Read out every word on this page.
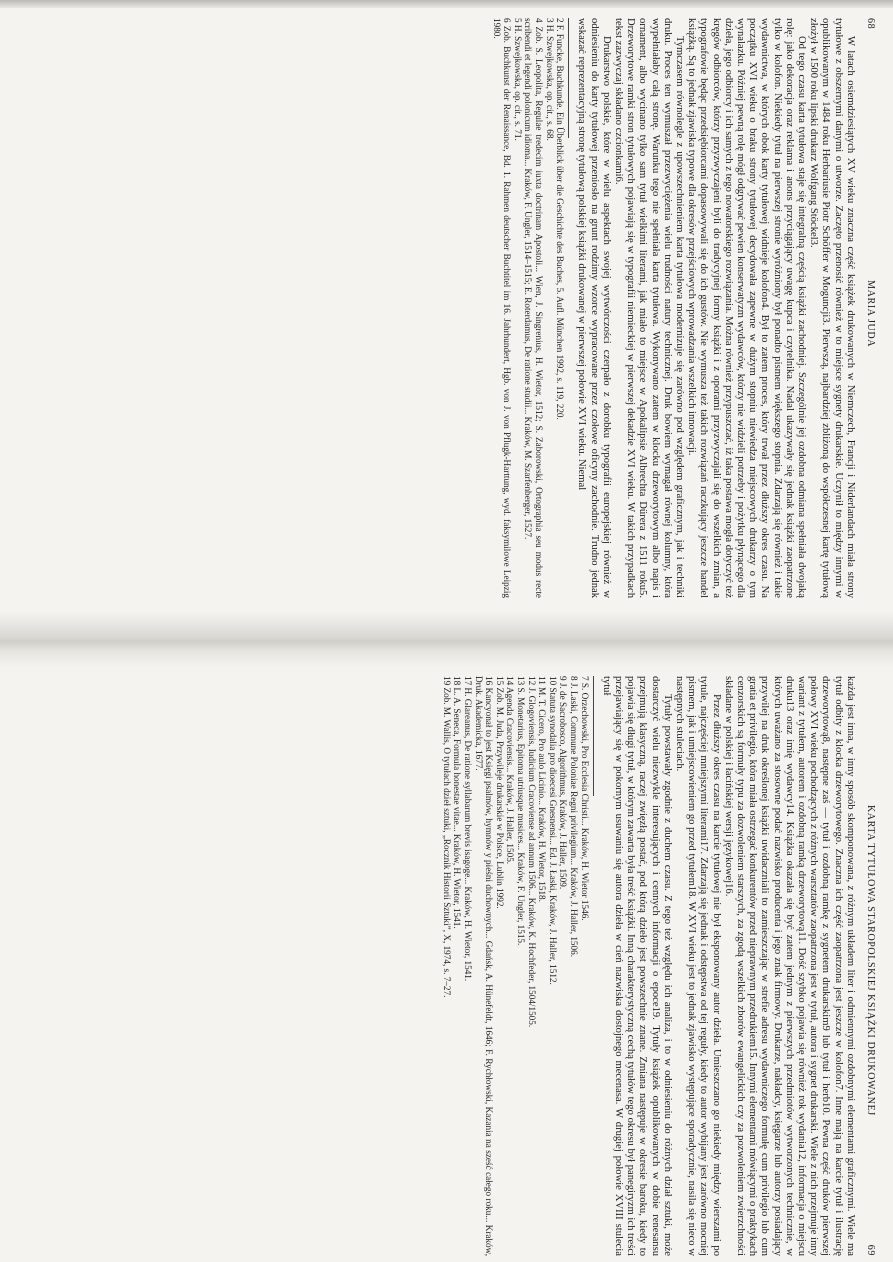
68
MARIA JUDA

W latach osiemdziesiątych XV wieku znaczna część książek drukowanych w Niemczech, Francji i Niderlandach miała strony tytułowe z obszernymi danymi o utworze. Zaczęto przenosić również w to miejsce sygnety drukarskie. Uczynił to między innymi w opublikowanym w 1484 roku Herbariusie Piotr Schöffer w Moguncji3. Pierwszą, najbardziej zbliżoną do współczesnej kartę tytułową złożył w 1500 roku lipski drukarz Wolfgang Stöckel3.

Od tego czasu karta tytułowa staje się integralną częścią książki zachodniej. Szczególnie jej ozdobna odmiana spełniała dwojaką rolę: jako dekoracja oraz reklama i anons przyciągający uwagę kupca i czytelnika. Nadal ukazywały się jednak książki zaopatrzone tylko w kolofon. Niekiedy tytuł na pierwszej stronie wyróżniony był ponadto pismem większego stopnia. Zdarzają się również i takie wydawnictwa, w których obok karty tytułowej widnieje kolofon4. Był to zatem proces, który trwał przez dłuższy okres czasu. Na początku XVI wieku o braku strony tytułowej decydowała zapewne w dużym stopniu niewiedza miejscowych drukarzy o tym wynalazku. Później pewną rolę mógł odgrywać pewien konserwatyzm wydawców, którzy nie widzieli potrzeby i pożytku płynącego dla dzieła, jego odbiorcy i ich samych z tego nowatorskiego rozwiązania. Można również przypuszczać, iż taka postawa mogła dotyczyć też kręgów odbiorców, którzy przyzwyczajeni byli do tradycyjnej formy książki i z oporami przyzwyczajali się do wszelkich zmian, a typografowie będąc przedsiębiorcami dopasowywali się do ich gustów. Nie wymusza też takich rozwiązań raczkujący jeszcze handel książką. Są to jednak zjawiska typowe dla okresów przejściowych wprowadzania wszelkich innowacji.

Tymczasem równolegle z upowszechnieniem karta tytułowa modernizuje się zarówno pod względem graficznym, jak i techniki druku. Proces ten wymuszał przezwyciężenia wielu trudności natury technicznej. Druk bowiem wymagał równej kolumny, która wypełniałaby całą stronę. Warunku tego nie spełniała karta tytułowa. Wykonywano zatem w klocku drzeworytowym albo napis i ornament, albo wycinano tylko sam tytuł wielkimi literami, jak miało to miejsce w Apokalipsie Albrechta Dürera z 1511 roku5. Drzeworytowe ramki stron tytułowych pojawiają się w typografii niemieckiej w pierwszej dekadzie XVI wieku. W takich przypadkach tekst zazwyczaj składano czcionkami6.

Drukarstwo polskie, które w wielu aspektach swojej wytwórczości czerpało z dorobku typografii europejskiej również w odniesieniu do karty tytułowej przeniosło na grunt rodzimy wzorce wypracowane przez czołowe oficyny zachodnie. Trudno jednak wskazać reprezentacyjną stronę tytułową polskiej książki drukowanej w pierwszej połowie XVI wieku. Niemal

2 F. Funcke, Buchkunde. Ein Überblick über die Geschichte des Buches, 5. Aufl. München 1992, s. 119, 220.
3 H. Szwejkowska, op. cit., s. 68.
4 Zob. S. Leopolita, Regulae tredecim iuxta doctrinam Apostoli... Wien, J. Singrenius, H. Wietor, 1512; S. Zaborowski, Ortographia seu modus recte scribendi et legendi polonicum idioma... Kraków, F. Ungler, 1514–1515; E. Roterdamus, De ratione studii... Kraków, M. Szarfenberger, 1527.
5 H. Szwejkowska, op. cit., s. 71.
6 Zob. Buchkunst der Renaissance, Bd. 1. Rahmen deutscher Buchtitel im 16. Jahrhundert, Hgb. von J. von Pflugk-Harttung, wyd. faksymilowe Leipzig 1980.
KARTA TYTUŁOWA STAROPOLSKIEJ KSIĄŻKI DRUKOWANEJ
69

każda jest inna, w inny sposób skomponowana, z różnym układem liter i odmiennymi ozdobnymi elementami graficznymi. Wiele ma tytuł odbity z klocka drzeworytowego. Znaczna ich część zaopatrzona jest jeszcze w kolofon7. Inne mają na karcie tytuł i ilustrację drzeworytową8, następne zaś — tytuł i ozdobną ramkę z sygnetem drukarskim9 lub tytuł i herb10. Pewna część druków pierwszej połowy XVI wieku pochodzących z różnych warsztatów zaopatrzona jest w tytuł, autora i sygnet drukarski. Wiele z nich przejmuje inny wariant z tytułem, autorem i ozdobną ramką drzeworytową11. Dość szybko pojawia się również rok wydania12, informacja o miejscu druku13 oraz imię wydawcy14. Książka okazała się być zatem jednym z pierwszych przedmiotów wytworzonych technicznie, w których uważano za stosowne podać nazwisko producenta i jego znak firmowy. Drukarze, nakładcy, księgarze lub autorzy posiadający przywilej na druk określonej książki uwidaczniali to zamieszczając w strefie adresu wydawniczego formułę cum privilegio lub cum gratia et privilegio, która miała ostrzegać konkurentów przed nieprawnym przedrukiem15. Innymi elementami mówiącymi o praktykach cenzorskich są formuły typu za dozwoleniem starszych, za zgodą wszelkich zborów ewangelickich czy za pozwoleniem zwierzchności składane w polskiej i łacińskiej wersji językowej16.

Przez dłuższy okres czasu na karcie tytułowej nie był eksponowany autor dzieła. Umieszczano go niekiedy między wierszami po tytule, najczęściej mniejszymi literami17. Zdarzają się jednak i odstępstwa od tej reguły, kiedy to autor wybijany jest zarówno mocniej pismem, jak i umiejscowieniem go przed tytułem18. W XVI wieku jest to jednak zjawisko występujące sporadycznie, nasila się nieco w następnych stuleciach.

Tytuły powstawały zgodnie z duchem czasu. Z tego też względu ich analiza, i to w odniesieniu do różnych dział sztuki, może dostarczyć wielu niezwykle interesujących i cennych informacji o epoce19. Tytuły książek opublikowanych w dobie renesansu przejmują klasyczną, raczej zwięzłą postać, pod którą dzieło jest powszechnie znane. Zmiana następuje w okresie baroku, kiedy to pojawia się długi tytuł, w którym zawarta była treść książki. Inną charakterystyczną cechą tytułów tego okresu był panegiryzm ich treści przejawiający się w pokornym usuwaniu się autora dzieła w cień nazwiska dostojnego mecenasa. W drugiej połowie XVIII stulecia tytuł

7 S. Orzechowski, Pro Ecclesia Christi... Kraków, H. Wietor 1546.
8 J. Laski, Commune Poloniae Regni privilegium... Kraków, J. Haller, 1506.
9 J. de Sacrobosco, Algorithmus, Kraków, J. Haller, 1509.
10 Statuta synodalia pro dioecesi Gnesnensi... Ed. J. Łaski, Kraków, J. Haller, 1512.
11 M. T. Cicero, Pro aulo Licinio... Kraków, H. Wietor, 1518.
12 J. Glogoviensis, Iudicium Cracoviense ad annum 1506... Kraków, K. Hochfeder, 1504/1505.
13 S. Monetarius, Epitoma utriusque musices... Kraków, F. Ungler, 1515.
14 Agenda Cracoviensis... Kraków, J. Haller, 1505.
15 Zob. M. Juda, Przywileje drukarskie w Polsce, Lublin 1992.
16 Kancyonał to jest Księgi psalmów, hymnów y pieśni duchownych... Gdańsk, A. Hünefeldt, 1646; F. Rychłowski, Kazania na sześć całego roku... Kraków, Druk. Akademicka, 1677.
17 H. Glareanus, De ratione syllabarum brevis isagoge... Kraków, H. Wietor, 1541.
18 L. A. Seneca, Formula honestae vitae... Kraków, H. Wietor, 1541.
19 Zob. M. Wallis, O tytułach dzieł sztuki, „Rocznik Historii Sztuki”, X, 1974, s. 7–27.
